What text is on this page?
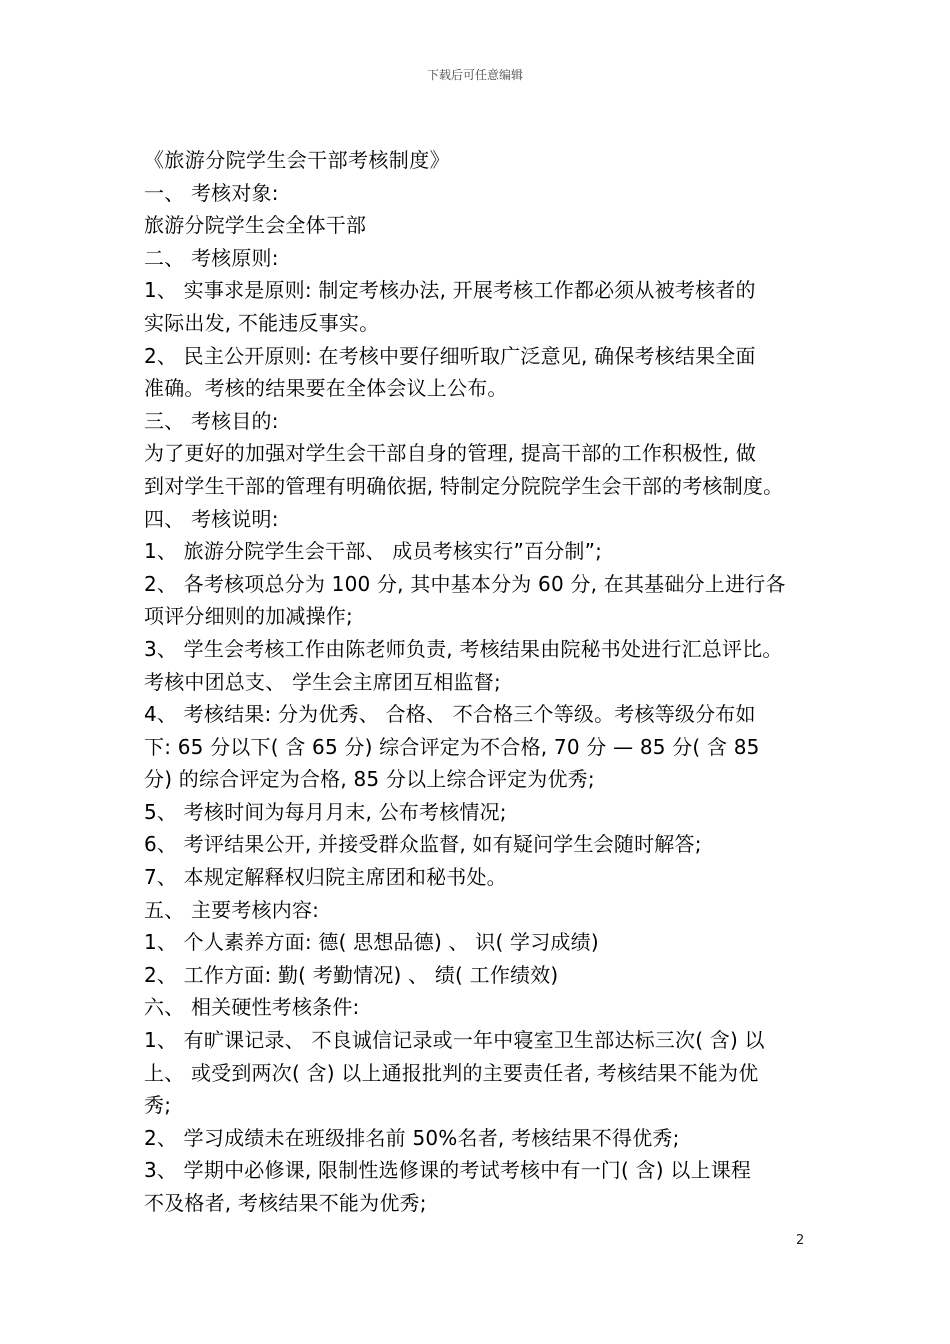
下载后可任意编辑
《旅游分院学生会干部考核制度》
一、 考核对象:
旅游分院学生会全体干部
二、 考核原则:
1、 实事求是原则: 制定考核办法, 开展考核工作都必须从被考核者的
实际出发, 不能违反事实。
2、 民主公开原则: 在考核中要仔细听取广泛意见, 确保考核结果全面
准确。考核的结果要在全体会议上公布。
三、 考核目的:
为了更好的加强对学生会干部自身的管理, 提高干部的工作积极性, 做
到对学生干部的管理有明确依据, 特制定分院院学生会干部的考核制度。
四、 考核说明:
1、 旅游分院学生会干部、 成员考核实行”百分制”;
2、 各考核项总分为 100 分, 其中基本分为 60 分, 在其基础分上进行各
项评分细则的加减操作;
3、 学生会考核工作由陈老师负责, 考核结果由院秘书处进行汇总评比。
考核中团总支、 学生会主席团互相监督;
4、 考核结果: 分为优秀、 合格、 不合格三个等级。考核等级分布如
下: 65 分以下( 含 65 分) 综合评定为不合格, 70 分 — 85 分( 含 85
分) 的综合评定为合格, 85 分以上综合评定为优秀;
5、 考核时间为每月月末, 公布考核情况;
6、 考评结果公开, 并接受群众监督, 如有疑问学生会随时解答;
7、 本规定解释权归院主席团和秘书处。
五、 主要考核内容:
1、 个人素养方面: 德( 思想品德) 、 识( 学习成绩)
2、 工作方面: 勤( 考勤情况) 、 绩( 工作绩效)
六、 相关硬性考核条件:
1、 有旷课记录、 不良诚信记录或一年中寝室卫生部达标三次( 含) 以
上、 或受到两次( 含) 以上通报批判的主要责任者, 考核结果不能为优
秀;
2、 学习成绩未在班级排名前 50%名者, 考核结果不得优秀;
3、 学期中必修课, 限制性选修课的考试考核中有一门( 含) 以上课程
不及格者, 考核结果不能为优秀;
2
